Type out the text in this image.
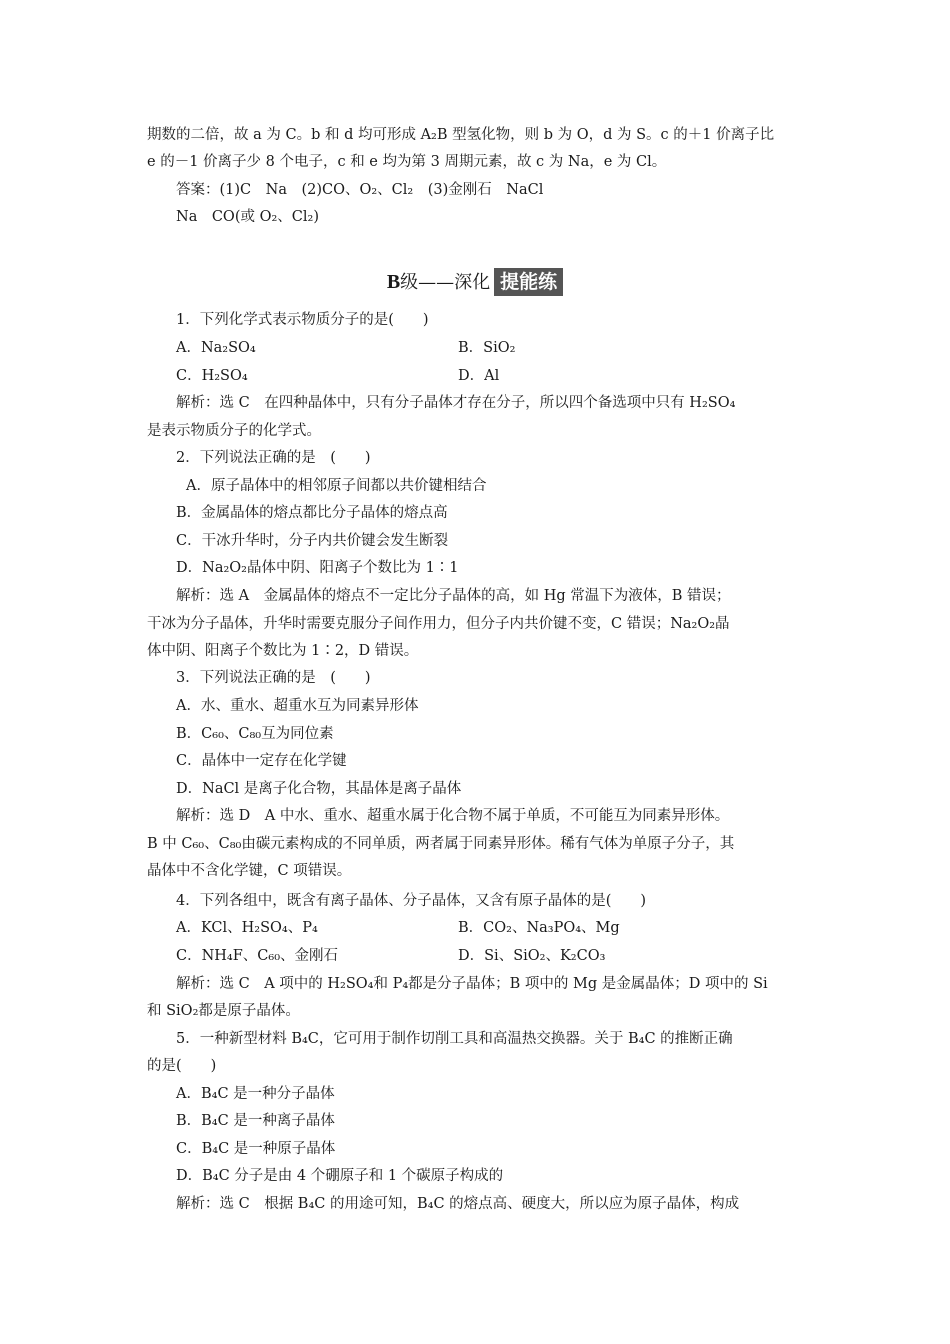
期数的二倍，故 a 为 C。b 和 d 均可形成 A₂B 型氢化物，则 b 为 O，d 为 S。c 的＋1 价离子比
e 的－1 价离子少 8 个电子，c 和 e 均为第 3 周期元素，故 c 为 Na，e 为 Cl。
答案：(1)C　Na　(2)CO、O₂、Cl₂　(3)金刚石　NaCl
Na　CO(或 O₂、Cl₂)
B级——深化 提能练
1．下列化学式表示物质分子的是(　　)
A．Na₂SO₄	B．SiO₂
C．H₂SO₄	D．Al
解析：选 C　在四种晶体中，只有分子晶体才存在分子，所以四个备选项中只有 H₂SO₄
是表示物质分子的化学式。
2．下列说法正确的是　(　　)
A．原子晶体中的相邻原子间都以共价键相结合
B．金属晶体的熔点都比分子晶体的熔点高
C．干冰升华时，分子内共价键会发生断裂
D．Na₂O₂晶体中阴、阳离子个数比为 1∶1
解析：选 A　金属晶体的熔点不一定比分子晶体的高，如 Hg 常温下为液体，B 错误；
干冰为分子晶体，升华时需要克服分子间作用力，但分子内共价键不变，C 错误；Na₂O₂晶
体中阴、阳离子个数比为 1∶2，D 错误。
3．下列说法正确的是　(　　)
A．水、重水、超重水互为同素异形体
B．C₆₀、C₈₀互为同位素
C．晶体中一定存在化学键
D．NaCl 是离子化合物，其晶体是离子晶体
解析：选 D　A 中水、重水、超重水属于化合物不属于单质，不可能互为同素异形体。
B 中 C₆₀、C₈₀由碳元素构成的不同单质，两者属于同素异形体。稀有气体为单原子分子，其
晶体中不含化学键，C 项错误。
4．下列各组中，既含有离子晶体、分子晶体，又含有原子晶体的是(　　)
A．KCl、H₂SO₄、P₄	B．CO₂、Na₃PO₄、Mg
C．NH₄F、C₆₀、金刚石	D．Si、SiO₂、K₂CO₃
解析：选 C　A 项中的 H₂SO₄和 P₄都是分子晶体；B 项中的 Mg 是金属晶体；D 项中的 Si
和 SiO₂都是原子晶体。
5．一种新型材料 B₄C，它可用于制作切削工具和高温热交换器。关于 B₄C 的推断正确
的是(　　)
A．B₄C 是一种分子晶体
B．B₄C 是一种离子晶体
C．B₄C 是一种原子晶体
D．B₄C 分子是由 4 个硼原子和 1 个碳原子构成的
解析：选 C　根据 B₄C 的用途可知，B₄C 的熔点高、硬度大，所以应为原子晶体，构成
